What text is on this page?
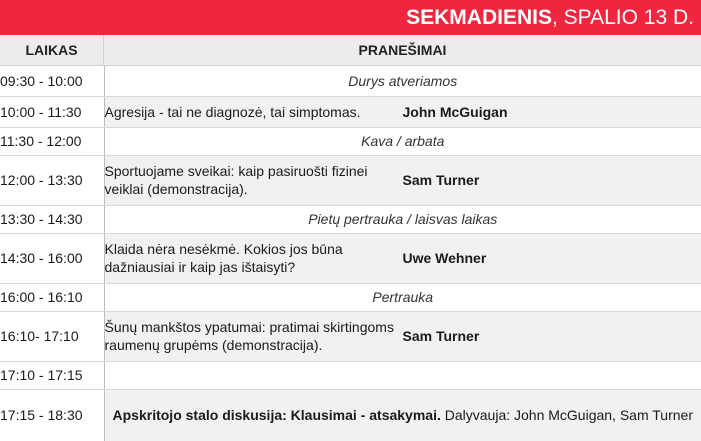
SEKMADIENIS , SPALIO 13 D.
LAIKAS	PRANEŠIMAI
09:30 - 10:00	Durys atveriamos	
10:00 - 11:30	Agresija - tai ne diagnozė, tai simptomas.	John McGuigan
11:30 - 12:00	Kava / arbata	
12:00 - 13:30	Sportuojame sveikai: kaip pasiruošti fizinei veiklai (demonstracija).	Sam Turner
13:30 - 14:30	Pietų pertrauka / laisvas laikas	
14:30 - 16:00	Klaida nėra nesėkmė. Kokios jos būna dažniausiai ir kaip jas ištaisyti?	Uwe Wehner
16:00 - 16:10	Pertrauka	
16:10- 17:10	Šunų mankštos ypatumai: pratimai skirtingoms raumenų grupėms (demonstracija).	Sam Turner
17:10 - 17:15		
17:15 - 18:30	Apskritojo stalo diskusija: Klausimai - atsakymai. Dalyvauja: John McGuigan, Sam Turner	
